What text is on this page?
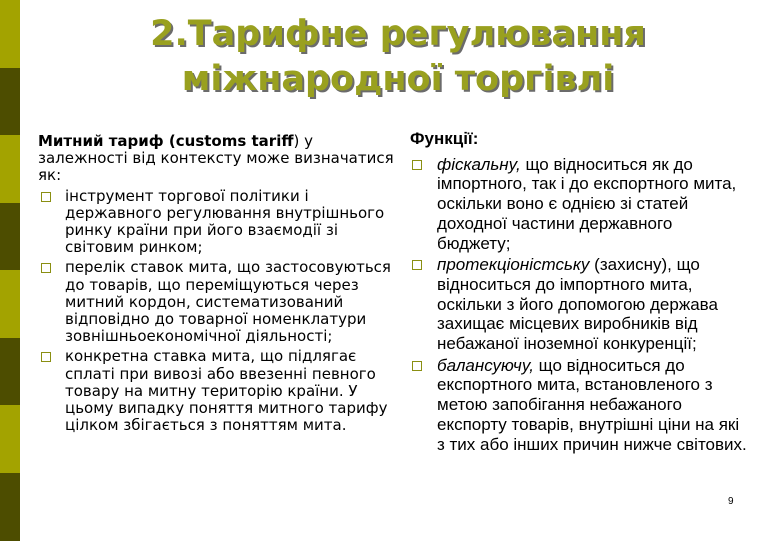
2.Тарифне регулювання
міжнародної торгівлі
Митний тариф (customs tariff) у залежності від контексту може визначатися як:
інструмент торгової політики і державного регулювання внутрішнього ринку країни при його взаємодії зі світовим ринком;
перелік ставок мита, що застосовуються до товарів, що переміщуються через митний кордон, систематизований відповідно до товарної номенклатури зовнішньоекономічної діяльності;
конкретна ставка мита, що підлягає сплаті при вивозі або ввезенні певного товару на митну територію країни. У цьому випадку поняття митного тарифу цілком збігається з поняттям мита.
Функції:
фіскальну, що відноситься як до імпортного, так і до експортного мита, оскільки воно є однією зі статей доходної частини державного бюджету;
протекціоністську (захисну), що відноситься до імпортного мита, оскільки з його допомогою держава захищає місцевих виробників від небажаної іноземної конкуренції;
балансуючу, що відноситься до експортного мита, встановленого з метою запобігання небажаного експорту товарів, внутрішні ціни на які з тих або інших причин нижче світових.
9
